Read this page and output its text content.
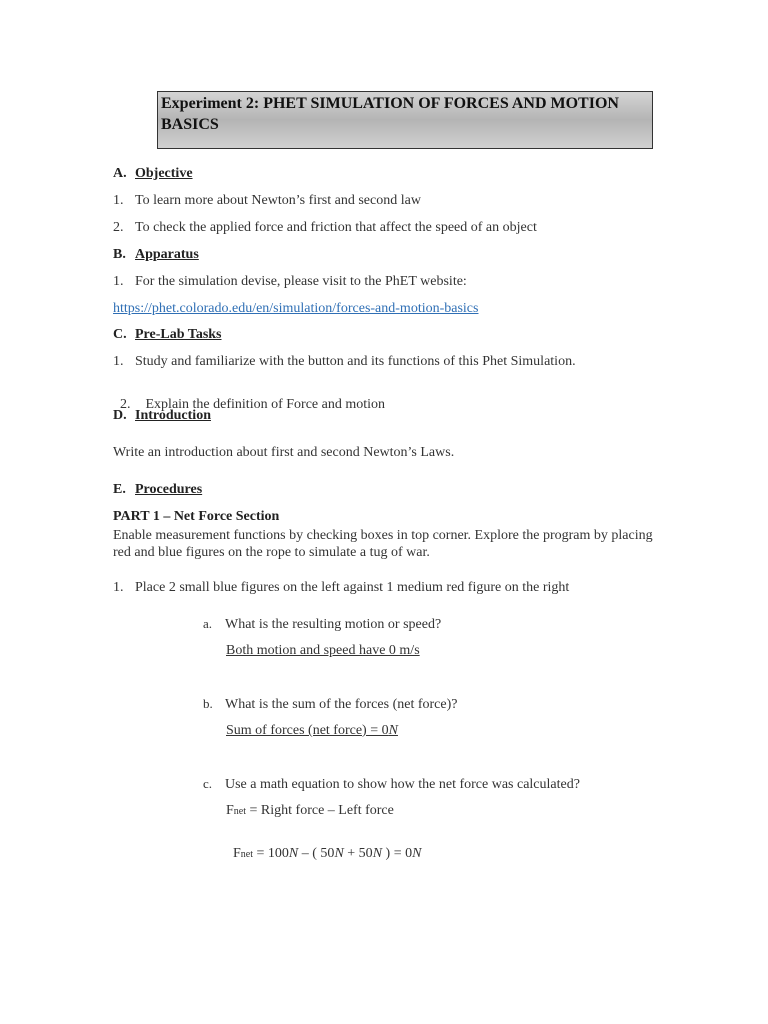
Experiment 2: PHET SIMULATION OF FORCES AND MOTION BASICS
A. Objective
1. To learn more about Newton’s first and second law
2. To check the applied force and friction that affect the speed of an object
B. Apparatus
1. For the simulation devise, please visit to the PhET website:
https://phet.colorado.edu/en/simulation/forces-and-motion-basics
C. Pre-Lab Tasks
1. Study and familiarize with the button and its functions of this Phet Simulation.

2. Explain the definition of Force and motion

D. Introduction
Write an introduction about first and second Newton’s Laws.
E. Procedures
PART 1 – Net Force Section
Enable measurement functions by checking boxes in top corner. Explore the program by placing red and blue figures on the rope to simulate a tug of war.
1. Place 2 small blue figures on the left against 1 medium red figure on the right
a. What is the resulting motion or speed?
Both motion and speed have 0 m/s
b. What is the sum of the forces (net force)?
Sum of forces (net force) = 0N
c. Use a math equation to show how the net force was calculated?
Fnet = Right force – Left force

Fnet = 100N – ( 50N + 50N ) = 0N
